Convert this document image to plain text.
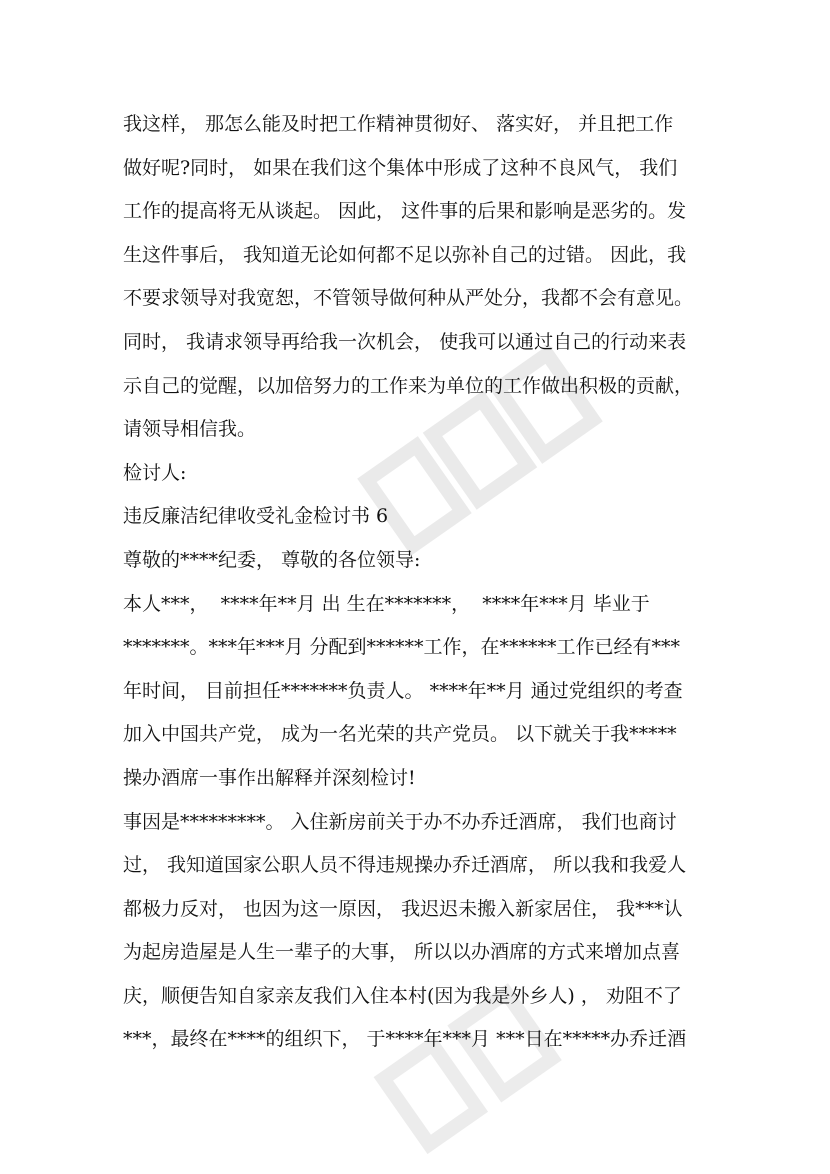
我这样， 那怎么能及时把工作精神贯彻好、 落实好， 并且把工作
做好呢?同时， 如果在我们这个集体中形成了这种不良风气， 我们
工作的提高将无从谈起。 因此， 这件事的后果和影响是恶劣的。发
生这件事后， 我知道无论如何都不足以弥补自己的过错。 因此，我
不要求领导对我宽恕，不管领导做何种从严处分，我都不会有意见。
同时， 我请求领导再给我一次机会， 使我可以通过自己的行动来表
示自己的觉醒，以加倍努力的工作来为单位的工作做出积极的贡献，
请领导相信我。
检讨人:
违反廉洁纪律收受礼金检讨书 6
尊敬的****纪委， 尊敬的各位领导:
本人***，  ****年**月 出 生在*******，  ****年***月 毕业于
*******。***年***月 分配到******工作，在******工作已经有***
年时间， 目前担任*******负责人。 ****年**月 通过党组织的考查
加入中国共产党， 成为一名光荣的共产党员。 以下就关于我*****
操办酒席一事作出解释并深刻检讨!
事因是*********。 入住新房前关于办不办乔迁酒席， 我们也商讨
过， 我知道国家公职人员不得违规操办乔迁酒席， 所以我和我爱人
都极力反对， 也因为这一原因， 我迟迟未搬入新家居住， 我***认
为起房造屋是人生一辈子的大事， 所以以办酒席的方式来增加点喜
庆，顺便告知自家亲友我们入住本村(因为我是外乡人) ， 劝阻不了
***，最终在****的组织下， 于****年***月 ***日在*****办乔迁酒
